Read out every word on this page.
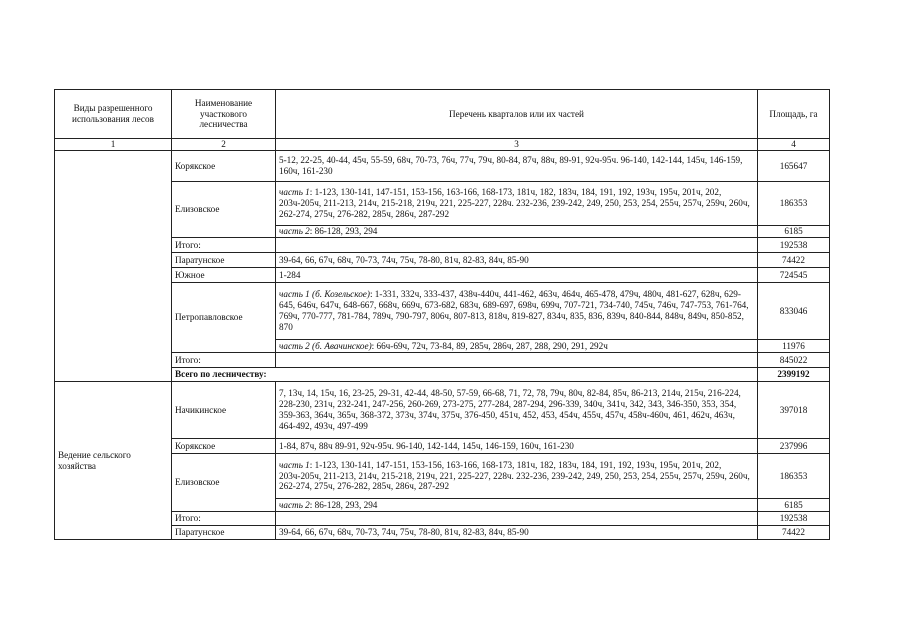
Виды разрешенного использования лесов	Наименование участкового лесничества	Перечень кварталов или их частей	Площадь, га
1	2	3	4
	Корякское	5-12, 22-25, 40-44, 45ч, 55-59, 68ч, 70-73, 76ч, 77ч, 79ч, 80-84, 87ч, 88ч, 89-91, 92ч-95ч. 96-140, 142-144, 145ч, 146-159, 160ч, 161-230	165647
	Елизовское	часть 1: 1-123, 130-141, 147-151, 153-156, 163-166, 168-173, 181ч, 182, 183ч, 184, 191, 192, 193ч, 195ч, 201ч, 202, 203ч-205ч, 211-213, 214ч, 215-218, 219ч, 221, 225-227, 228ч. 232-236, 239-242, 249, 250, 253, 254, 255ч, 257ч, 259ч, 260ч, 262-274, 275ч, 276-282, 285ч, 286ч, 287-292	186353
		часть 2: 86-128, 293, 294	6185
	Итого:		192538
	Паратунское	39-64, 66, 67ч, 68ч, 70-73, 74ч, 75ч, 78-80, 81ч, 82-83, 84ч, 85-90	74422
	Южное	1-284	724545
	Петропавловское	часть 1 (б. Козельское): 1-331, 332ч, 333-437, 438ч-440ч, 441-462, 463ч, 464ч, 465-478, 479ч, 480ч, 481-627, 628ч, 629-645, 646ч, 647ч, 648-667, 668ч, 669ч, 673-682, 683ч, 689-697, 698ч, 699ч, 707-721, 734-740, 745ч, 746ч, 747-753, 761-764, 769ч, 770-777, 781-784, 789ч, 790-797, 806ч, 807-813, 818ч, 819-827, 834ч, 835, 836, 839ч, 840-844, 848ч, 849ч, 850-852, 870	833046
		часть 2 (б. Авачинское): 66ч-69ч, 72ч, 73-84, 89, 285ч, 286ч, 287, 288, 290, 291, 292ч	11976
	Итого:		845022
	Всего по лесничеству:		2399192
Ведение сельского хозяйства	Начикинское	7, 13ч, 14, 15ч, 16, 23-25, 29-31, 42-44, 48-50, 57-59, 66-68, 71, 72, 78, 79ч, 80ч, 82-84, 85ч, 86-213, 214ч, 215ч, 216-224, 228-230, 231ч, 232-241, 247-256, 260-269, 273-275, 277-284, 287-294, 296-339, 340ч, 341ч, 342, 343, 346-350, 353, 354, 359-363, 364ч, 365ч, 368-372, 373ч, 374ч, 375ч, 376-450, 451ч, 452, 453, 454ч, 455ч, 457ч, 458ч-460ч, 461, 462ч, 463ч, 464-492, 493ч, 497-499	397018
	Корякское	1-84, 87ч, 88ч 89-91, 92ч-95ч. 96-140, 142-144, 145ч, 146-159, 160ч, 161-230	237996
	Елизовское	часть 1: 1-123, 130-141, 147-151, 153-156, 163-166, 168-173, 181ч, 182, 183ч, 184, 191, 192, 193ч, 195ч, 201ч, 202, 203ч-205ч, 211-213, 214ч, 215-218, 219ч, 221, 225-227, 228ч. 232-236, 239-242, 249, 250, 253, 254, 255ч, 257ч, 259ч, 260ч, 262-274, 275ч, 276-282, 285ч, 286ч, 287-292	186353
		часть 2: 86-128, 293, 294	6185
	Итого:		192538
	Паратунское	39-64, 66, 67ч, 68ч, 70-73, 74ч, 75ч, 78-80, 81ч, 82-83, 84ч, 85-90	74422
